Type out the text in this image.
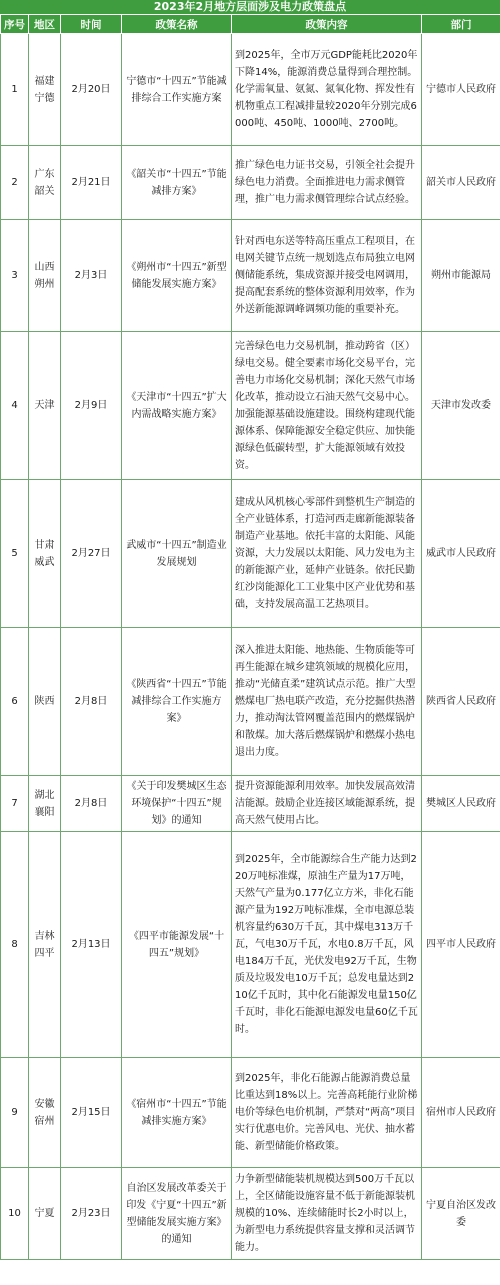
2023年2月地方层面涉及电力政策盘点
序号	地区	时间	政策名称	政策内容	部门
1	福建宁德	2月20日	宁德市“十四五”节能减排综合工作实施方案	到2025年，全市万元GDP能耗比2020年下降14%，能源消费总量得到合理控制。化学需氧量、氨氮、氮氧化物、挥发性有机物重点工程减排量较2020年分别完成6000吨、450吨、1000吨、2700吨。	宁德市人民政府
2	广东韶关	2月21日	《韶关市“十四五”节能减排方案》	推广绿色电力证书交易，引领全社会提升绿色电力消费。全面推进电力需求侧管理，推广电力需求侧管理综合试点经验。	韶关市人民政府
3	山西朔州	2月3日	《朔州市“十四五”新型储能发展实施方案》	针对西电东送等特高压重点工程项目，在电网关键节点统一规划选点布局独立电网侧储能系统，集成资源并接受电网调用，提高配套系统的整体资源利用效率，作为外送新能源调峰调频功能的重要补充。	朔州市能源局
4	天津	2月9日	《天津市“十四五”扩大内需战略实施方案》	完善绿色电力交易机制，推动跨省（区）绿电交易。健全要素市场化交易平台，完善电力市场化交易机制；深化天然气市场化改革，推动设立石油天然气交易中心。加强能源基础设施建设。围绕构建现代能源体系、保障能源安全稳定供应、加快能源绿色低碳转型，扩大能源领域有效投资。	天津市发改委
5	甘肃威武	2月27日	武威市“十四五”制造业发展规划	建成从风机核心零部件到整机生产制造的全产业链体系，打造河西走廊新能源装备制造产业基地。依托丰富的太阳能、风能资源，大力发展以太阳能、风力发电为主的新能源产业，延伸产业链条。依托民勤红沙岗能源化工工业集中区产业优势和基础，支持发展高温工艺热项目。	威武市人民政府
6	陕西	2月8日	《陕西省“十四五”节能减排综合工作实施方案》	深入推进太阳能、地热能、生物质能等可再生能源在城乡建筑领域的规模化应用，推动“光储直柔”建筑试点示范。推广大型燃煤电厂热电联产改造，充分挖掘供热潜力，推动淘汰管网覆盖范围内的燃煤锅炉和散煤。加大落后燃煤锅炉和燃煤小热电退出力度。	陕西省人民政府
7	湖北襄阳	2月8日	《关于印发樊城区生态环境保护“十四五”规划》的通知	提升资源能源利用效率。加快发展高效清洁能源。鼓励企业连接区域能源系统，提高天然气使用占比。	樊城区人民政府
8	吉林四平	2月13日	《四平市能源发展“十四五”规划》	到2025年，全市能源综合生产能力达到220万吨标准煤，原油生产量为17万吨，天然气产量为0.177亿立方米，非化石能源产量为192万吨标准煤，全市电源总装机容量约630万千瓦，其中煤电313万千瓦，气电30万千瓦，水电0.8万千瓦，风电184万千瓦，光伏发电92万千瓦，生物质及垃圾发电10万千瓦；总发电量达到210亿千瓦时，其中化石能源发电量150亿千瓦时，非化石能源电源发电量60亿千瓦时。	四平市人民政府
9	安徽宿州	2月15日	《宿州市“十四五”节能减排实施方案》	到2025年，非化石能源占能源消费总量比重达到18%以上。完善高耗能行业阶梯电价等绿色电价机制，严禁对“两高”项目实行优惠电价。完善风电、光伏、抽水蓄能、新型储能价格政策。	宿州市人民政府
10	宁夏	2月23日	自治区发展改革委关于印发《宁夏“十四五”新型储能发展实施方案》的通知	力争新型储能装机规模达到500万千瓦以上，全区储能设施容量不低于新能源装机规模的10%、连续储能时长2小时以上，为新型电力系统提供容量支撑和灵活调节能力。	宁夏自治区发改委
